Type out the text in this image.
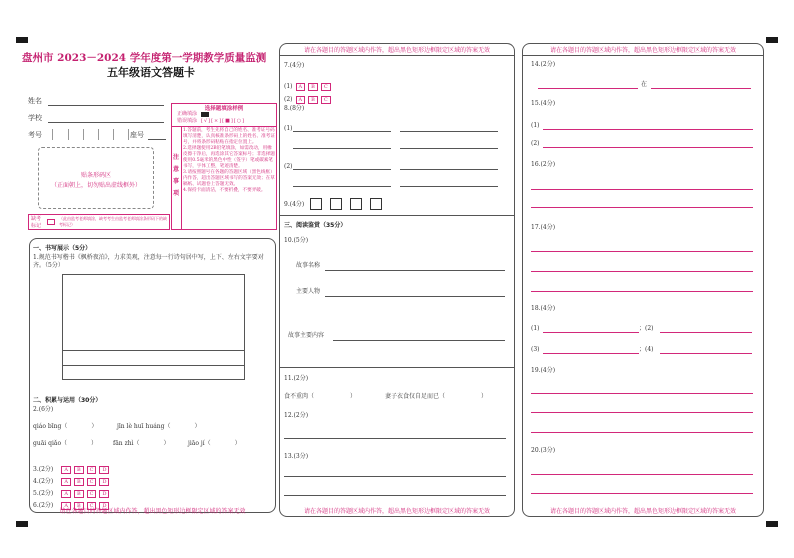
盘州市 2023－2024 学年度第一学期教学质量监测
五年级语文答题卡
姓名
学校
考号	座号
贴条形码区
（正面朝上，切勿贴出虚线框外）
缺考标记
（此由监考老师填涂，缺考考生由监考老师填涂条形码下的缺考标记）
选择题填涂样例
正确填涂
错误填涂 [√][×][■][○]
注意事项
1.答题前，考生先将自己的姓名、准考证号码填写清楚，认真核准条形码上的姓名、准考证号，并将条形码粘贴在指定位置上。
2.选择题使用2B铅笔填涂，如需改动，用橡皮擦干净后，再选涂其它答案标号；非选择题使用0.5毫米的黑色中性（签字）笔或碳素笔书写，字体工整，笔迹清楚。
3.请按照题号在各题的答题区域（黑色线框）内作答，超出答题区域书写的答案无效；在草稿纸、试题卷上答题无效。
4.保持卡面清洁，不要折叠，不要弄破。
一、书写展示（5分）
1.规范书写楷书《枫桥夜泊》，力求美观，注意每一行诗句居中写，上下、左右文字要对齐。（5分）
二、积累与运用（30分）
2.(6分)
qiáo bīng（　　　　）	jīn lè huī huáng（　　　　）
guāi qiǎo（　　　　）	fān zhì（　　　　）	jiāo jí（　　　　）
3.(2分) A B C D
4.(2分) A B C D
5.(2分) A B C D
6.(2分) A B C D
请在各题目的答题区域内作答，超出黑色矩形边框限定区域的答案无效
请在各题目的答题区域内作答，超出黑色矩形边框限定区域的答案无效
7.(4分)
(1) A B C
(2) A B C
8.(8分)
(1)
(2)
9.(4分)
三、阅读鉴赏（35分）
10.(5分)
故事名称
主要人物
故事主要内容
11.(2分)
食不重肉（　　　　　　）	妻子衣食仅自足而已（　　　　　　）
12.(2分)
13.(3分)
请在各题目的答题区域内作答，超出黑色矩形边框限定区域的答案无效
请在各题目的答题区域内作答，超出黑色矩形边框限定区域的答案无效
14.(2分)
在
15.(4分)
(1)
(2)
16.(2分)
17.(4分)
18.(4分)
(1)	；(2)
(3)	；(4)
19.(4分)
20.(3分)
请在各题目的答题区域内作答，超出黑色矩形边框限定区域的答案无效
